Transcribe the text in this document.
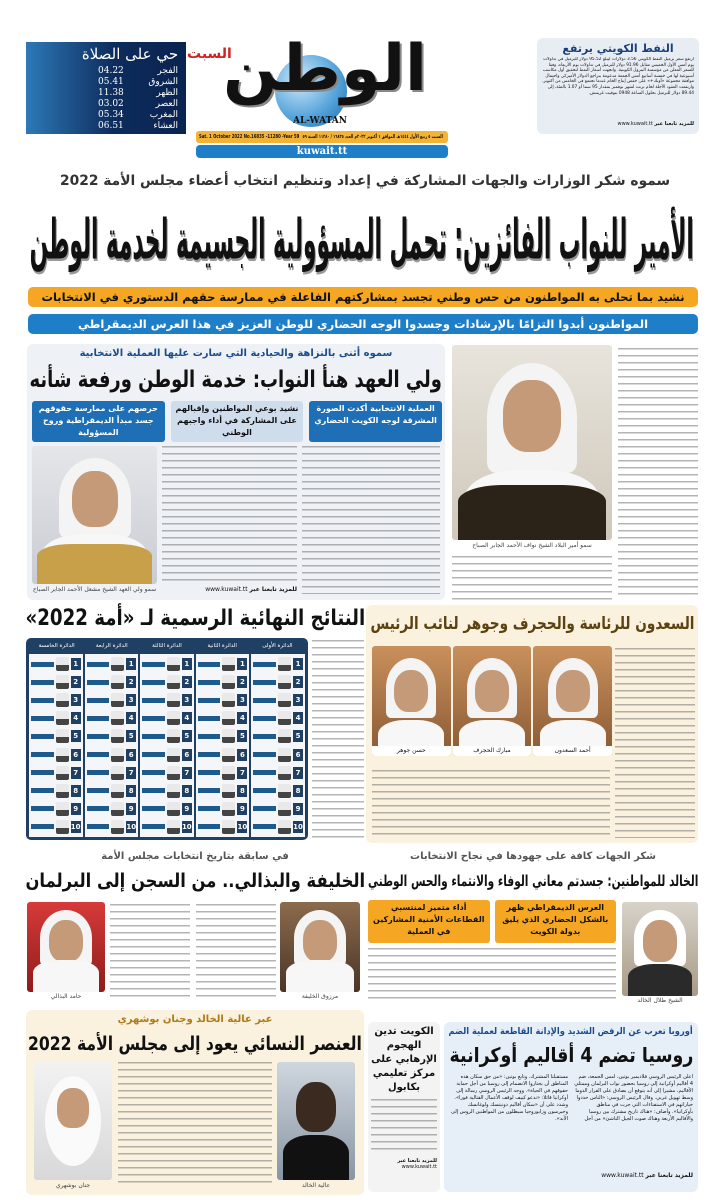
حي على الصلاة
الفجر
04.22
الشروق
05.41
الظهر
11.38
العصر
03.02
المغرب
05.34
العشاء
06.51
الوطن
السبت
AL-WATAN
Sat. 1 October 2022 No.16835 -11280 -Year 59 السبت ٥ ربيع الأول ١٤٤٤هـ الموافق ١ أكتوبر ٢٠٢٢م العدد ١٦٨٣٥ / ١١٢٨٠ السنة ٥٩
kuwait.tt
النفط الكويتي يرتفع
ارتفع سعر برميل النفط الكويتي 3.56 دولارات ليبلغ 95.52 دولار للبرميل في تداولات يوم أمس الأول الخميس مقابل 91.96 دولار للبرميل في تداولات يوم الأربعاء، وفقا للسعر المعلن من مؤسسة البترول الكويتية. واتجهت أسعار النفط لتحقيق أول مكاسب أسبوعية لها في خمسة أسابيع أمس الجمعة مدعومة بتراجع الدولار الأميركي واحتمال موافقة مجموعة «أوبك+» على خفض إنتاج الخام عندما تجتمع في الخامس من أكتوبر. وارتفعت العقود الآجلة لخام برنت لشهر نوفمبر بمقدار 95 سنتا أو 1.07 بالمئة، إلى 89.44 دولار للبرميل بحلول الساعة 0948 بتوقيت غرينتش.
للمزيد تابعنا عبر www.kuwait.tt
سموه شكر الوزارات والجهات المشاركة في إعداد وتنظيم انتخاب أعضاء مجلس الأمة 2022
الأمير للنواب الفائزين: تحمل المسؤولية الجسيمة لخدمة الوطن
نشيد بما تحلى به المواطنون من حس وطني تجسد بمشاركتهم الفاعلة في ممارسة حقهم الدستوري في الانتخابات
المواطنون أبدوا التزامًا بالإرشادات وجسدوا الوجه الحضاري للوطن العزيز في هذا العرس الديمقراطي
سمو أمير البلاد الشيخ نواف الأحمد الجابر الصباح
سموه أثنى بالنزاهة والحيادية التي سارت عليها العملية الانتخابية
ولي العهد هنأ النواب: خدمة الوطن ورفعة شأنه
العملية الانتخابية أكدت الصورة المشرقة لوجه الكويت الحضاري
نشيد بوعي المواطنين وإقبالهم على المشاركة في أداء واجبهم الوطني
حرصهم على ممارسة حقوقهم جسد مبدأ الديمقراطية وروح المسؤولية
سمو ولي العهد الشيخ مشعل الأحمد الجابر الصباح	للمزيد تابعنا عبر www.kuwait.tt
النتائج النهائية الرسمية لـ «أمة 2022»
الدائرة الأولى
الدائرة الثانية
الدائرة الثالثة
الدائرة الرابعة
الدائرة الخامسة
1
2
3
4
5
6
7
8
9
10
1
2
3
4
5
6
7
8
9
10
1
2
3
4
5
6
7
8
9
10
1
2
3
4
5
6
7
8
9
10
1
2
3
4
5
6
7
8
9
10
السعدون للرئاسة والحجرف وجوهر لنائب الرئيس
أحمد السعدون
مبارك الحجرف
حسن جوهر
في سابقة بتاريخ انتخابات مجلس الأمة
الخليفة والبذالي.. من السجن إلى البرلمان
مرزوق الخليفة
حامد البذالي
شكر الجهات كافة على جهودها في نجاح الانتخابات
الخالد للمواطنين: جسدتم معاني الوفاء والانتماء والحس الوطني
العرس الديمقراطي ظهر بالشكل الحضاري الذي يليق بدولة الكويت
أداء متميز لمنتسبي القطاعات الأمنية المشاركين في العملية
الشيخ طلال الخالد
عبر عالية الخالد وجنان بوشهري
العنصر النسائي يعود إلى مجلس الأمة 2022
عالية الخالد
جنان بوشهري
الكويت تدين الهجوم الإرهابي على مركز تعليمي بكابول
للمزيد تابعنا عبر www.kuwait.tt
أوروبا تعرب عن الرفض الشديد والإدانة القاطعة لعملية الضم
روسيا تضم 4 أقاليم أوكرانية
أعلن الرئيس الروسي فلاديمير بوتين، أمس الجمعة، ضم 4 أقاليم أوكرانية إلى روسيا بحضور نواب البرلمان وممثلي الأقاليم، مشيرا إلى أنه يتوقع أن يصادق على القرار الدوما وسط تهويل غربي. وقال الرئيس الروسي: «الناس حددوا خياراتهم في الاستفتاءات التي جرت في مناطق بأوكرانيا». وأضاف: «هناك تاريخ مشترك بين روسيا والأقاليم الأربعة وهناك صوت الجيل الناشئ» من أجل مستقبلنا المشترك. وتابع بوتين: «من حق سكان هذه المناطق أن يختاروا الانضمام إلى روسيا من أجل حماية حقوقهم في الحياة». ووجه الرئيس الروسي رسالة إلى أوكرانيا قائلا: «ندعو كييف لوقف الأعمال القتالية فورا». وشدد على أن «سكان أقاليم دونيتسك ولوغانسك وخيرسون وزابوروجيا سيظلون من المواطنين الروس إلى الأبد».
للمزيد تابعنا عبر www.kuwait.tt
